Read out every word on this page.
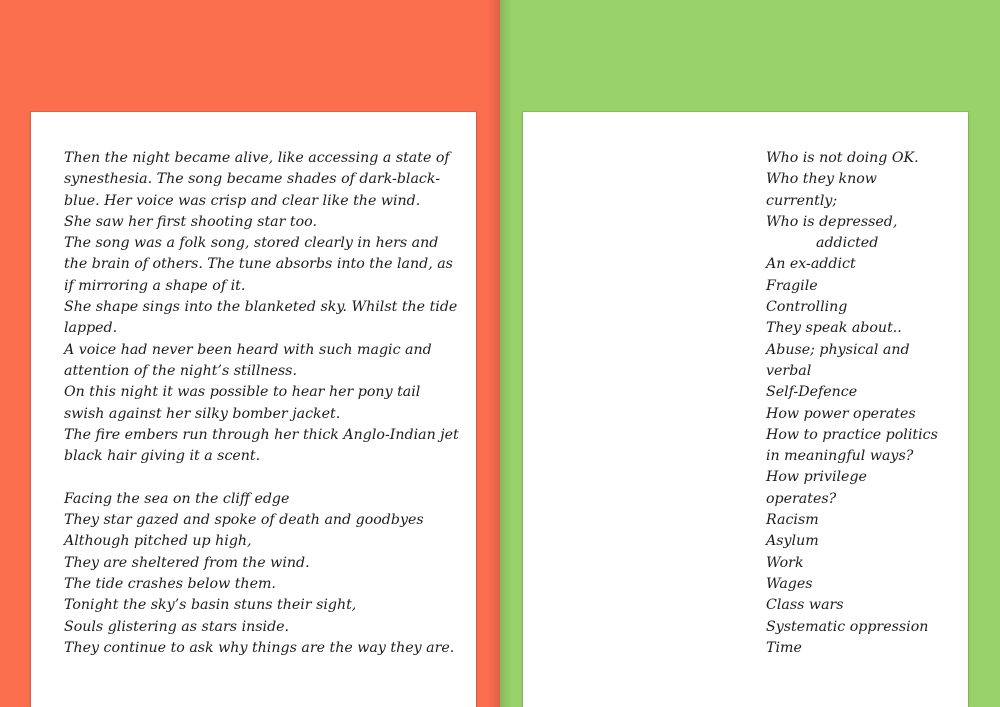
Then the night became alive, like accessing a state of
synesthesia. The song became shades of dark-black-
blue. Her voice was crisp and clear like the wind.
She saw her first shooting star too.
The song was a folk song, stored clearly in hers and
the brain of others. The tune absorbs into the land, as
if mirroring a shape of it.
She shape sings into the blanketed sky. Whilst the tide
lapped.
A voice had never been heard with such magic and
attention of the night’s stillness.
On this night it was possible to hear her pony tail
swish against her silky bomber jacket.
The fire embers run through her thick Anglo-Indian jet
black hair giving it a scent.
Facing the sea on the cliff edge
They star gazed and spoke of death and goodbyes
Although pitched up high,
They are sheltered from the wind.
The tide crashes below them.
Tonight the sky’s basin stuns their sight,
Souls glistering as stars inside.
They continue to ask why things are the way they are.
Who is not doing OK.
Who they know
currently;
Who is depressed,
addicted
An ex-addict
Fragile
Controlling
They speak about..
Abuse; physical and
verbal
Self-Defence
How power operates
How to practice politics
in meaningful ways?
How privilege
operates?
Racism
Asylum
Work
Wages
Class wars
Systematic oppression
Time
